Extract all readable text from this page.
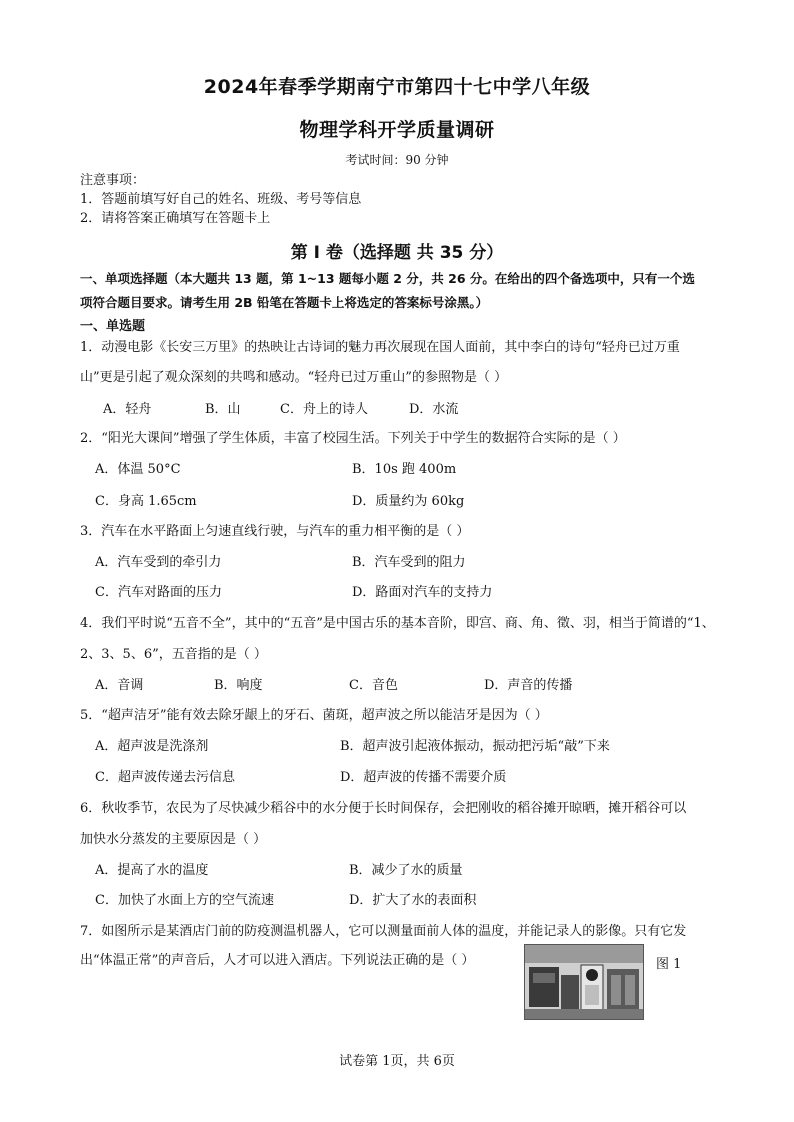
2024年春季学期南宁市第四十七中学八年级
物理学科开学质量调研
考试时间：90 分钟
注意事项：
1．答题前填写好自己的姓名、班级、考号等信息
2．请将答案正确填写在答题卡上
第 I 卷（选择题 共 35 分）
一、单项选择题（本大题共 13 题，第 1~13 题每小题 2 分，共 26 分。在给出的四个备选项中，只有一个选
项符合题目要求。请考生用 2B 铅笔在答题卡上将选定的答案标号涂黑。）
一、单选题
1．动漫电影《长安三万里》的热映让古诗词的魅力再次展现在国人面前，其中李白的诗句“轻舟已过万重
山”更是引起了观众深刻的共鸣和感动。“轻舟已过万重山”的参照物是（ ）
A．轻舟	B．山	C．舟上的诗人	D．水流
2．“阳光大课间”增强了学生体质，丰富了校园生活。下列关于中学生的数据符合实际的是（ ）
A．体温 50°C	B．10s 跑 400m
C．身高 1.65cm	D．质量约为 60kg
3．汽车在水平路面上匀速直线行驶，与汽车的重力相平衡的是（ ）
A．汽车受到的牵引力	B．汽车受到的阻力
C．汽车对路面的压力	D．路面对汽车的支持力
4．我们平时说“五音不全”，其中的“五音”是中国古乐的基本音阶，即宫、商、角、徵、羽，相当于简谱的“1、
2、3、5、6”，五音指的是（ ）
A．音调	B．响度	C．音色	D．声音的传播
5．“超声洁牙”能有效去除牙龈上的牙石、菌斑，超声波之所以能洁牙是因为（ ）
A．超声波是洗涤剂	B．超声波引起液体振动，振动把污垢“敲”下来
C．超声波传递去污信息	D．超声波的传播不需要介质
6．秋收季节，农民为了尽快减少稻谷中的水分便于长时间保存，会把刚收的稻谷摊开晾晒，摊开稻谷可以
加快水分蒸发的主要原因是（ ）
A．提高了水的温度	B．减少了水的质量
C．加快了水面上方的空气流速	D．扩大了水的表面积
7．如图所示是某酒店门前的防疫测温机器人，它可以测量面前人体的温度，并能记录人的影像。只有它发
出“体温正常”的声音后，人才可以进入酒店。下列说法正确的是（ ）	图 1
试卷第 1页，共 6页
